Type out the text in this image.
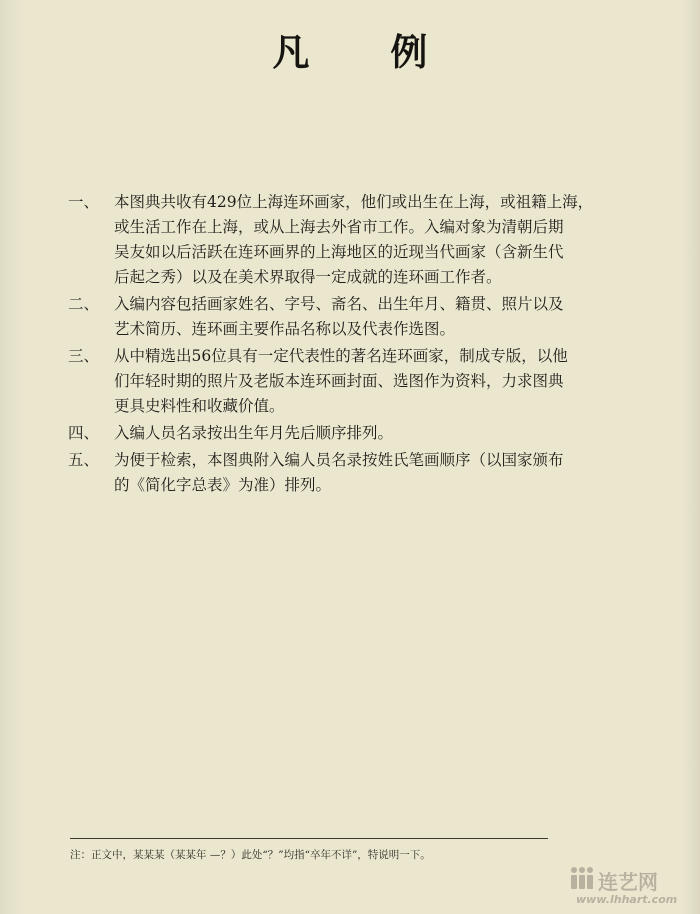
凡 例
一、 本图典共收有429位上海连环画家，他们或出生在上海，或祖籍上海，
或生活工作在上海，或从上海去外省市工作。入编对象为清朝后期
吴友如以后活跃在连环画界的上海地区的近现当代画家（含新生代
后起之秀）以及在美术界取得一定成就的连环画工作者。
二、 入编内容包括画家姓名、字号、斋名、出生年月、籍贯、照片以及
艺术简历、连环画主要作品名称以及代表作选图。
三、 从中精选出56位具有一定代表性的著名连环画家，制成专版，以他
们年轻时期的照片及老版本连环画封面、选图作为资料，力求图典
更具史料性和收藏价值。
四、 入编人员名录按出生年月先后顺序排列。
五、 为便于检索，本图典附入编人员名录按姓氏笔画顺序（以国家颁布
的《简化字总表》为准）排列。
注：正文中，某某某（某某年 —？）此处“？”均指“卒年不详”，特说明一下。
连艺网
www.lhhart.com
